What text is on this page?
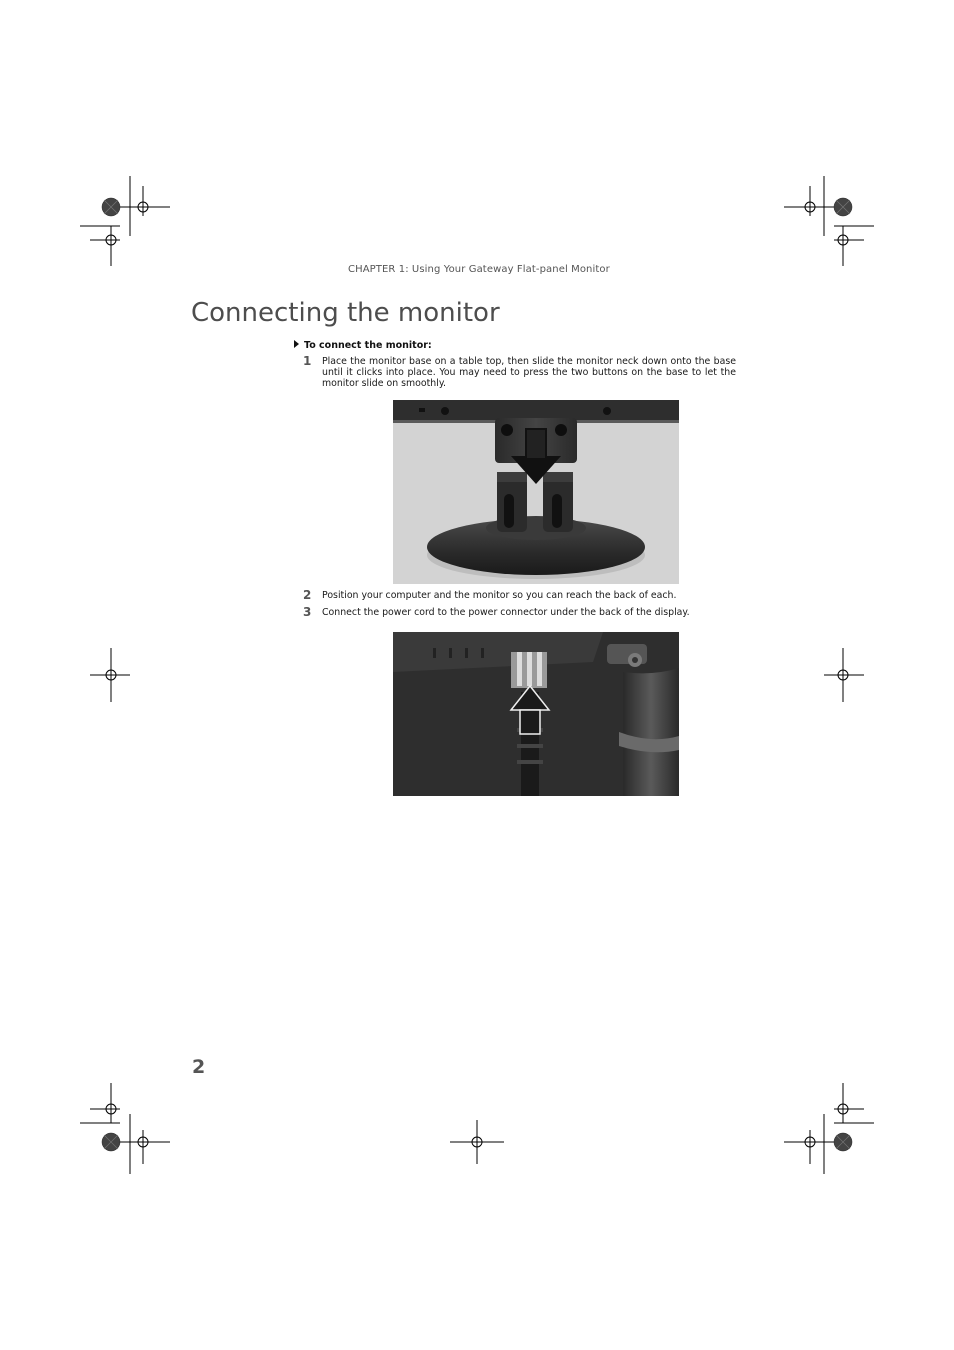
CHAPTER 1: Using Your Gateway Flat-panel Monitor
Connecting the monitor
To connect the monitor:
1 Place the monitor base on a table top, then slide the monitor neck down onto the base until it clicks into place. You may need to press the two buttons on the base to let the monitor slide on smoothly.
2 Position your computer and the monitor so you can reach the back of each.
3 Connect the power cord to the power connector under the back of the display.
2
